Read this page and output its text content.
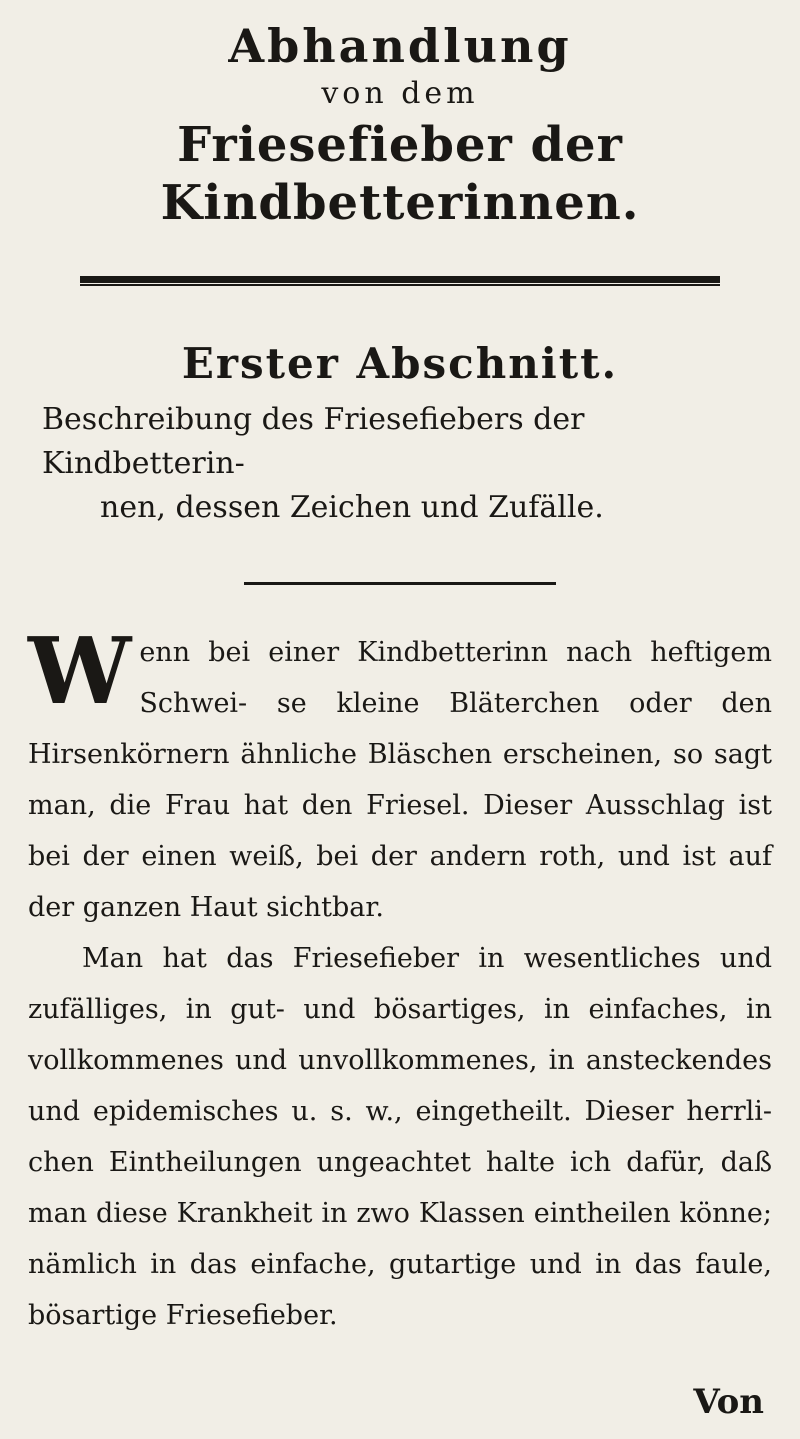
Abhandlung
von dem
Friesefieber der Kindbetterinnen.
Erster Abschnitt.
Beschreibung des Friesefiebers der Kindbetterin-
nen, dessen Zeichen und Zufälle.

Wenn bei einer Kindbetterinn nach heftigem Schwei- se kleine Bläterchen oder den Hirsenkörnern ähnliche Bläschen erscheinen, so sagt man, die Frau hat den Friesel. Dieser Ausschlag ist bei der einen weiß, bei der andern roth, und ist auf der ganzen Haut sichtbar.

Man hat das Friesefieber in wesentliches und zufälliges, in gut- und bösartiges, in einfaches, in vollkommenes und unvollkommenes, in ansteckendes und epidemisches u. s. w., eingetheilt. Dieser herrli- chen Eintheilungen ungeachtet halte ich dafür, daß man diese Krankheit in zwo Klassen eintheilen könne; nämlich in das einfache, gutartige und in das faule, bösartige Friesefieber.

Von
